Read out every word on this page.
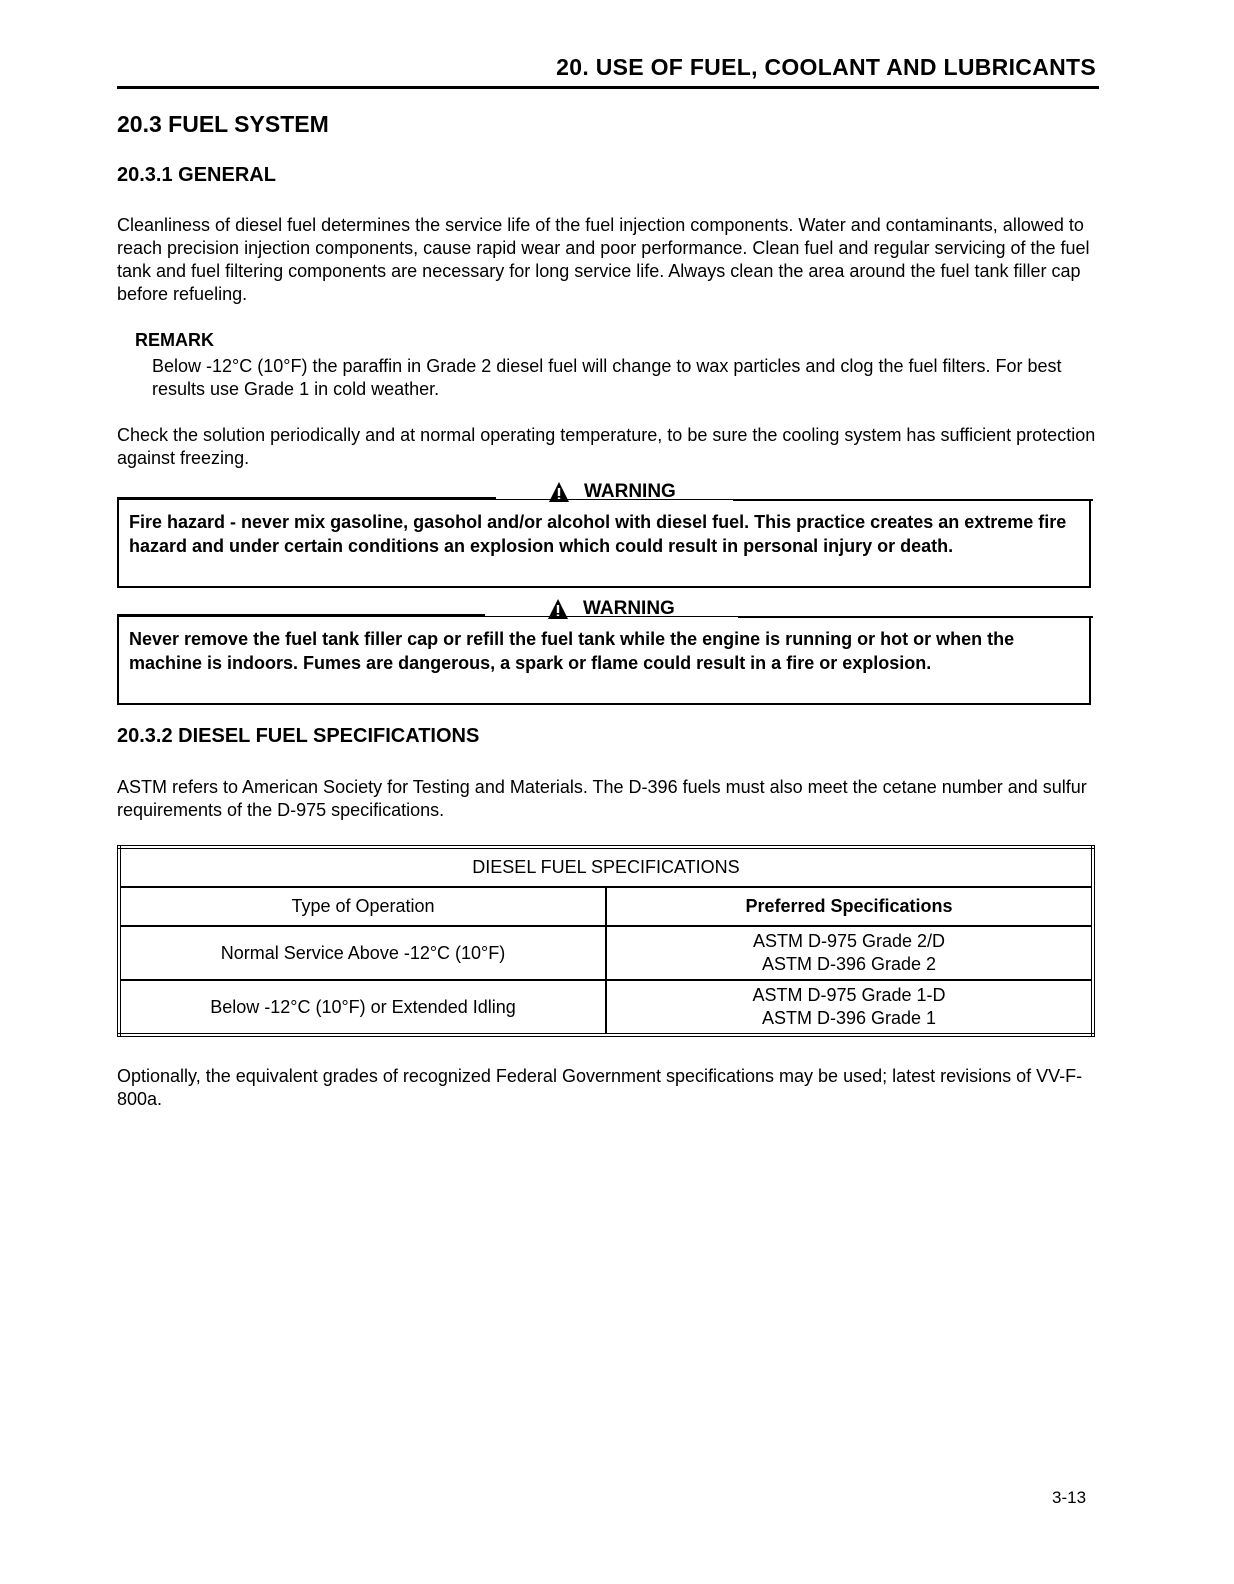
20. USE OF FUEL, COOLANT AND LUBRICANTS
20.3 FUEL SYSTEM
20.3.1 GENERAL
Cleanliness of diesel fuel determines the service life of the fuel injection components. Water and contaminants, allowed to reach precision injection components, cause rapid wear and poor performance. Clean fuel and regular servicing of the fuel tank and fuel filtering components are necessary for long service life. Always clean the area around the fuel tank filler cap before refueling.
REMARK
Below -12°C (10°F) the paraffin in Grade 2 diesel fuel will change to wax particles and clog the fuel filters. For best results use Grade 1 in cold weather.
Check the solution periodically and at normal operating temperature, to be sure the cooling system has sufficient protection against freezing.
WARNING
Fire hazard - never mix gasoline, gasohol and/or alcohol with diesel fuel. This practice creates an extreme fire hazard and under certain conditions an explosion which could result in personal injury or death.
WARNING
Never remove the fuel tank filler cap or refill the fuel tank while the engine is running or hot or when the machine is indoors. Fumes are dangerous, a spark or flame could result in a fire or explosion.
20.3.2 DIESEL FUEL SPECIFICATIONS
ASTM refers to American Society for Testing and Materials. The D-396 fuels must also meet the cetane number and sulfur requirements of the D-975 specifications.
DIESEL FUEL SPECIFICATIONS	
Type of Operation	Preferred Specifications
Normal Service Above -12°C (10°F)	ASTM D-975 Grade 2/D
ASTM D-396 Grade 2

Below -12°C (10°F) or Extended Idling	ASTM D-975 Grade 1-D
ASTM D-396 Grade 1
Optionally, the equivalent grades of recognized Federal Government specifications may be used; latest revisions of VV-F-800a.
3-13
